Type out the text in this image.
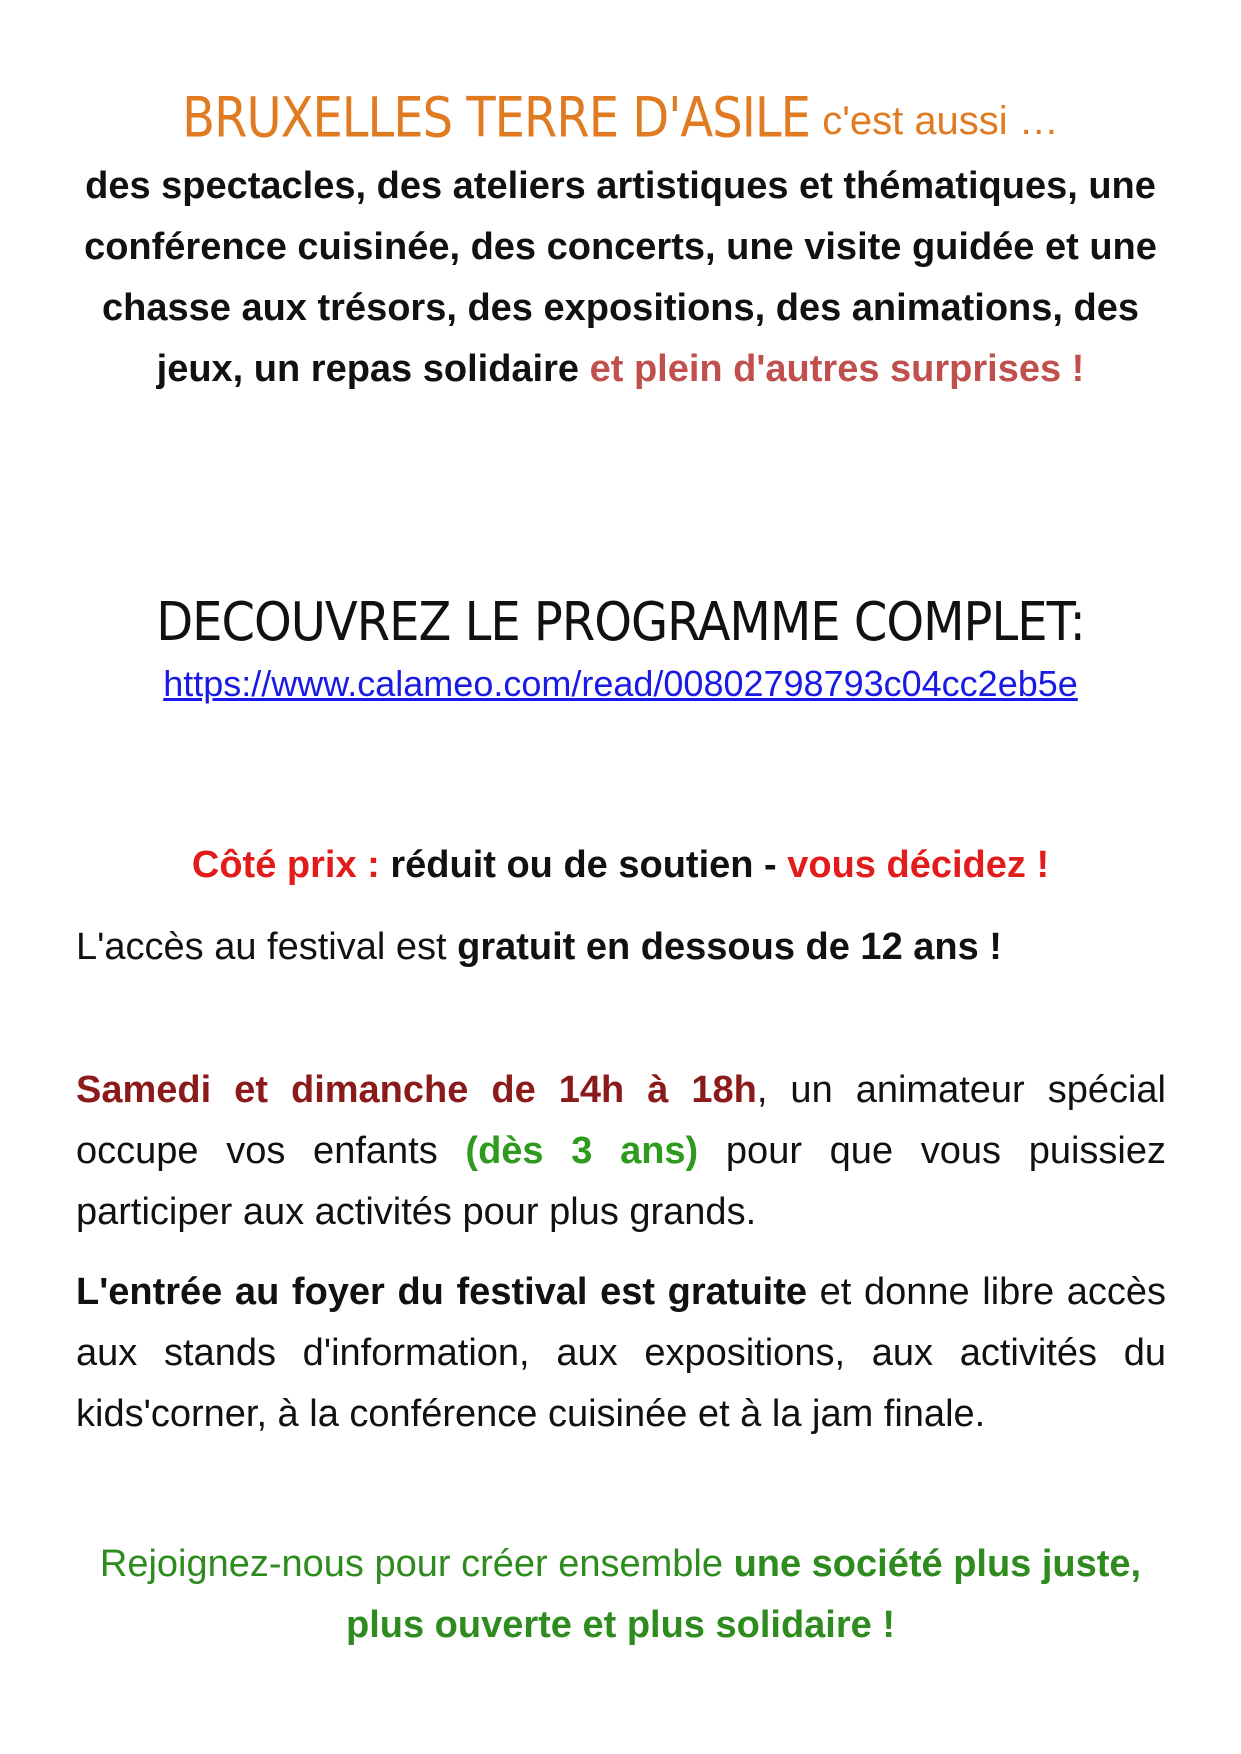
BRUXELLES TERRE D'ASILE c'est aussi …
des spectacles, des ateliers artistiques et thématiques, une conférence cuisinée, des concerts, une visite guidée et une chasse aux trésors, des expositions, des animations, des jeux, un repas solidaire et plein d'autres surprises !
DECOUVREZ LE PROGRAMME COMPLET:
https://www.calameo.com/read/00802798793c04cc2eb5e
Côté prix : réduit ou de soutien - vous décidez !
L'accès au festival est gratuit en dessous de 12 ans !
Samedi et dimanche de 14h à 18h, un animateur spécial occupe vos enfants (dès 3 ans) pour que vous puissiez participer aux activités pour plus grands.
L'entrée au foyer du festival est gratuite et donne libre accès aux stands d'information, aux expositions, aux activités du kids'corner, à la conférence cuisinée et à la jam finale.
Rejoignez-nous pour créer ensemble une société plus juste, plus ouverte et plus solidaire !
